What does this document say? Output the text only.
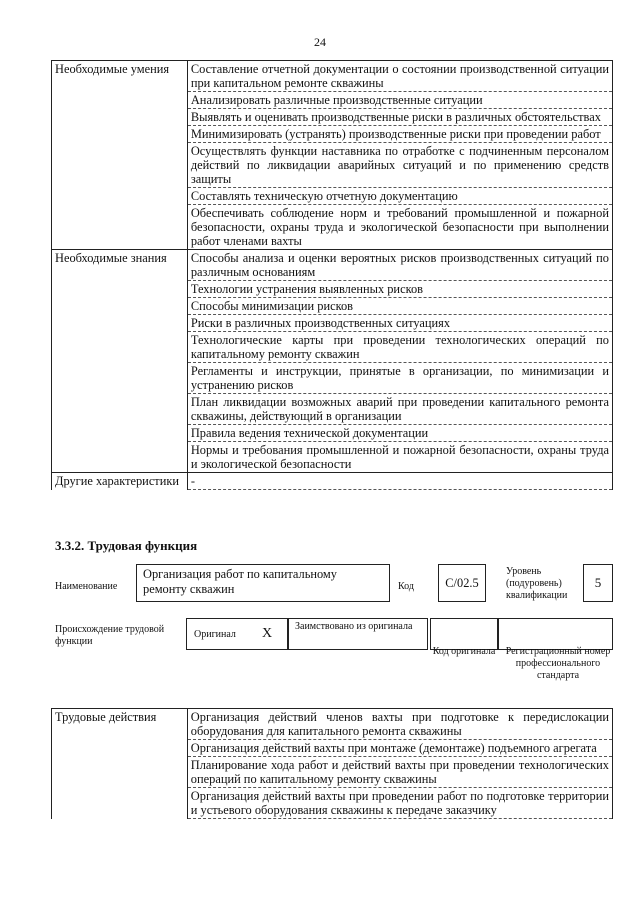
24
Необходимые умения	Составление отчетной документации о состоянии производственной ситуации при капитальном ремонте скважины
	Анализировать различные производственные ситуации
	Выявлять и оценивать производственные риски в различных обстоятельствах
	Минимизировать (устранять) производственные риски при проведении работ
	Осуществлять функции наставника по отработке с подчиненным персоналом действий по ликвидации аварийных ситуаций и по применению средств защиты
	Составлять техническую отчетную документацию
	Обеспечивать соблюдение норм и требований промышленной и пожарной безопасности, охраны труда и экологической безопасности при выполнении работ членами вахты
Необходимые знания	Способы анализа и оценки вероятных рисков производственных ситуаций по различным основаниям
	Технологии устранения выявленных рисков
	Способы минимизации рисков
	Риски в различных производственных ситуациях
	Технологические карты при проведении технологических операций по капитальному ремонту скважин
	Регламенты и инструкции, принятые в организации, по минимизации и устранению рисков
	План ликвидации возможных аварий при проведении капитального ремонта скважины, действующий в организации
	Правила ведения технической документации
	Нормы и требования промышленной и пожарной безопасности, охраны труда и экологической безопасности
Другие характеристики	-
3.3.2. Трудовая функция
Наименование
Организация работ по капитальному ремонту скважин	Код	С/02.5
Уровень (подуровень) квалификации
5
Происхождение трудовой функции
Оригинал X Заимствовано из оригинала
Код оригинала Регистрационный номер профессионального стандарта
Трудовые действия	Организация действий членов вахты при подготовке к передислокации оборудования для капитального ремонта скважины
Организация действий вахты при монтаже (демонтаже) подъемного агрегата
Планирование хода работ и действий вахты при проведении технологических операций по капитальному ремонту скважины
Организация действий вахты при проведении работ по подготовке территории и устьевого оборудования скважины к передаче заказчику
